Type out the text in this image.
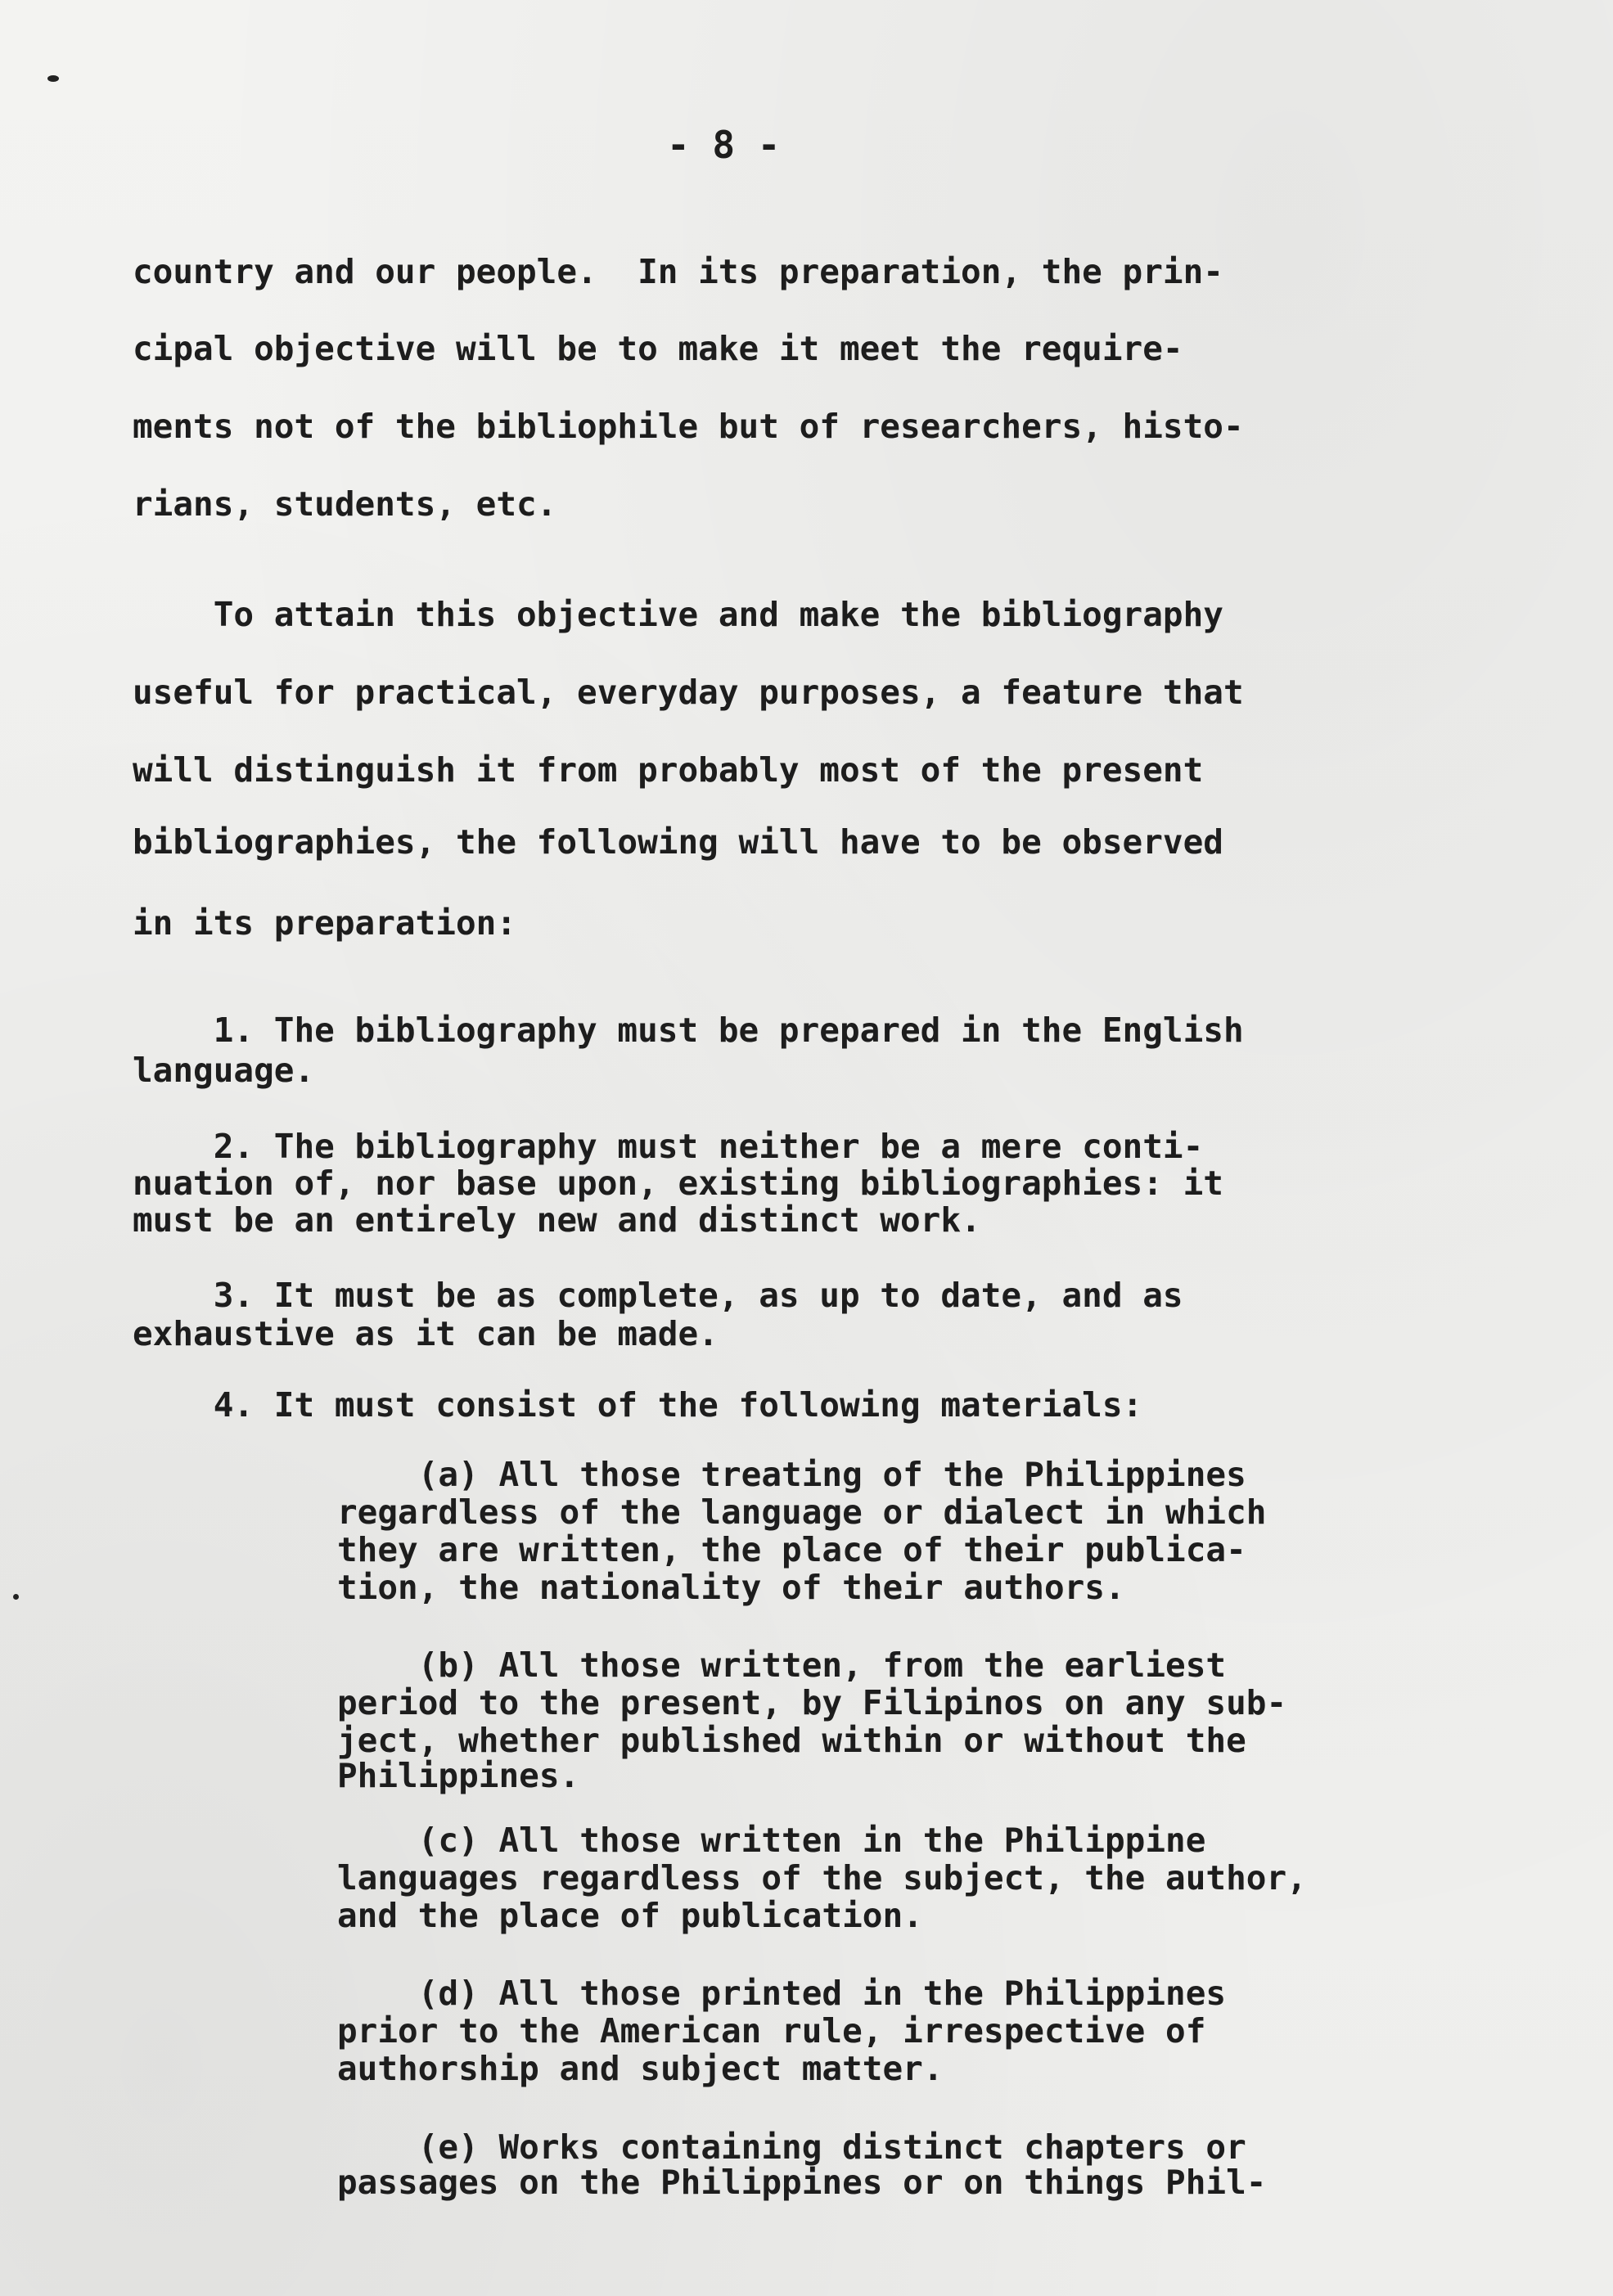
- 8 -
country and our people.  In its preparation, the prin-
cipal objective will be to make it meet the require-
ments not of the bibliophile but of researchers, histo-
rians, students, etc.
To attain this objective and make the bibliography
useful for practical, everyday purposes, a feature that
will distinguish it from probably most of the present
bibliographies, the following will have to be observed
in its preparation:
1. The bibliography must be prepared in the English
language.
2. The bibliography must neither be a mere conti-
nuation of, nor base upon, existing bibliographies: it
must be an entirely new and distinct work.
3. It must be as complete, as up to date, and as
exhaustive as it can be made.
4. It must consist of the following materials:
(a) All those treating of the Philippines
regardless of the language or dialect in which
they are written, the place of their publica-
tion, the nationality of their authors.
(b) All those written, from the earliest
period to the present, by Filipinos on any sub-
ject, whether published within or without the
Philippines.
(c) All those written in the Philippine
languages regardless of the subject, the author,
and the place of publication.
(d) All those printed in the Philippines
prior to the American rule, irrespective of
authorship and subject matter.
(e) Works containing distinct chapters or
passages on the Philippines or on things Phil-
